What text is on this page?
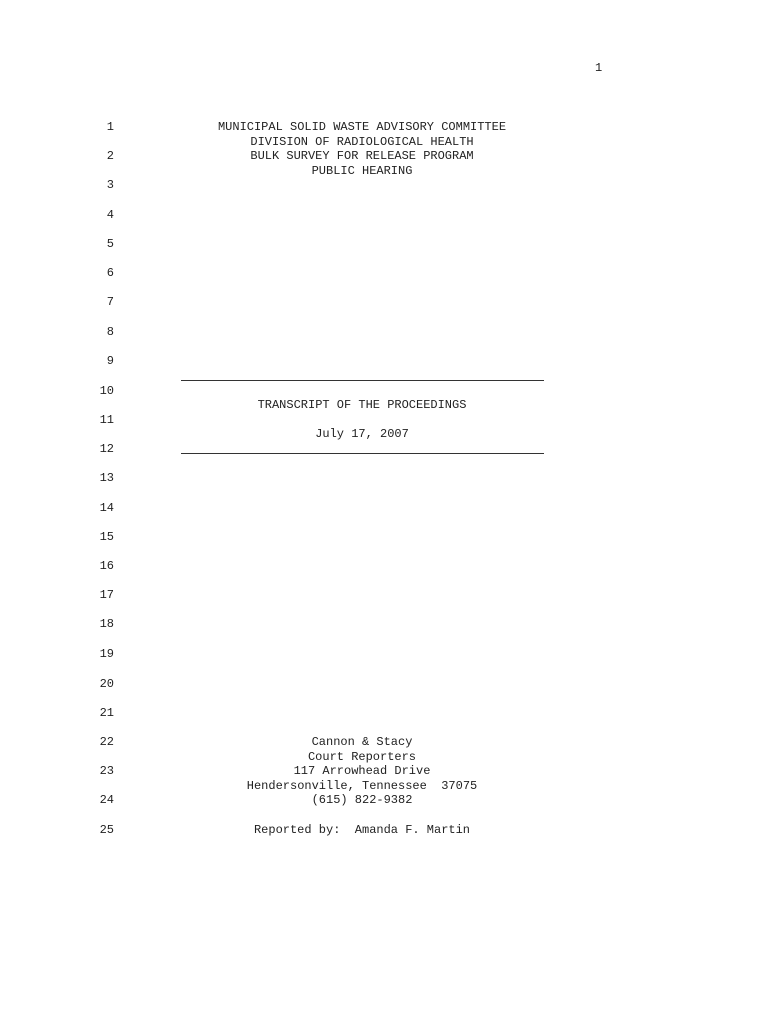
1
1
2
3
4
5
6
7
8
9
10
11
12
13
14
15
16
17
18
19
20
21
22
23
24
25
MUNICIPAL SOLID WASTE ADVISORY COMMITTEE
DIVISION OF RADIOLOGICAL HEALTH
BULK SURVEY FOR RELEASE PROGRAM
PUBLIC HEARING
TRANSCRIPT OF THE PROCEEDINGS
July 17, 2007
Cannon & Stacy
Court Reporters
117 Arrowhead Drive
Hendersonville, Tennessee  37075
(615) 822-9382
Reported by:  Amanda F. Martin
